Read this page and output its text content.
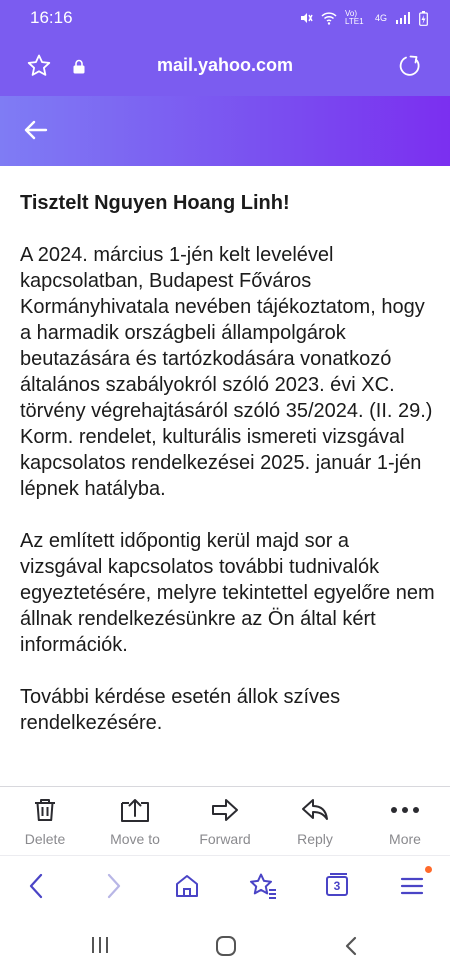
16:16	Vo) LTE1	4G
mail.yahoo.com

Tisztelt Nguyen Hoang Linh!

A 2024. március 1-jén kelt levelével kapcsolatban, Budapest Főváros Kormányhivatala nevében tájékoztatom, hogy a harmadik országbeli állampolgárok beutazására és tartózkodására vonatkozó általános szabályokról szóló 2023. évi XC. törvény végrehajtásáról szóló 35/2024. (II. 29.) Korm. rendelet, kulturális ismereti vizsgával kapcsolatos rendelkezései 2025. január 1-jén lépnek hatályba.

Az említett időpontig kerül majd sor a vizsgával kapcsolatos további tudnivalók egyeztetésére, melyre tekintettel egyelőre nem állnak rendelkezésünkre az Ön által kért információk.

További kérdése esetén állok szíves rendelkezésére.

Delete	Move to	Forward	Reply	More
3
